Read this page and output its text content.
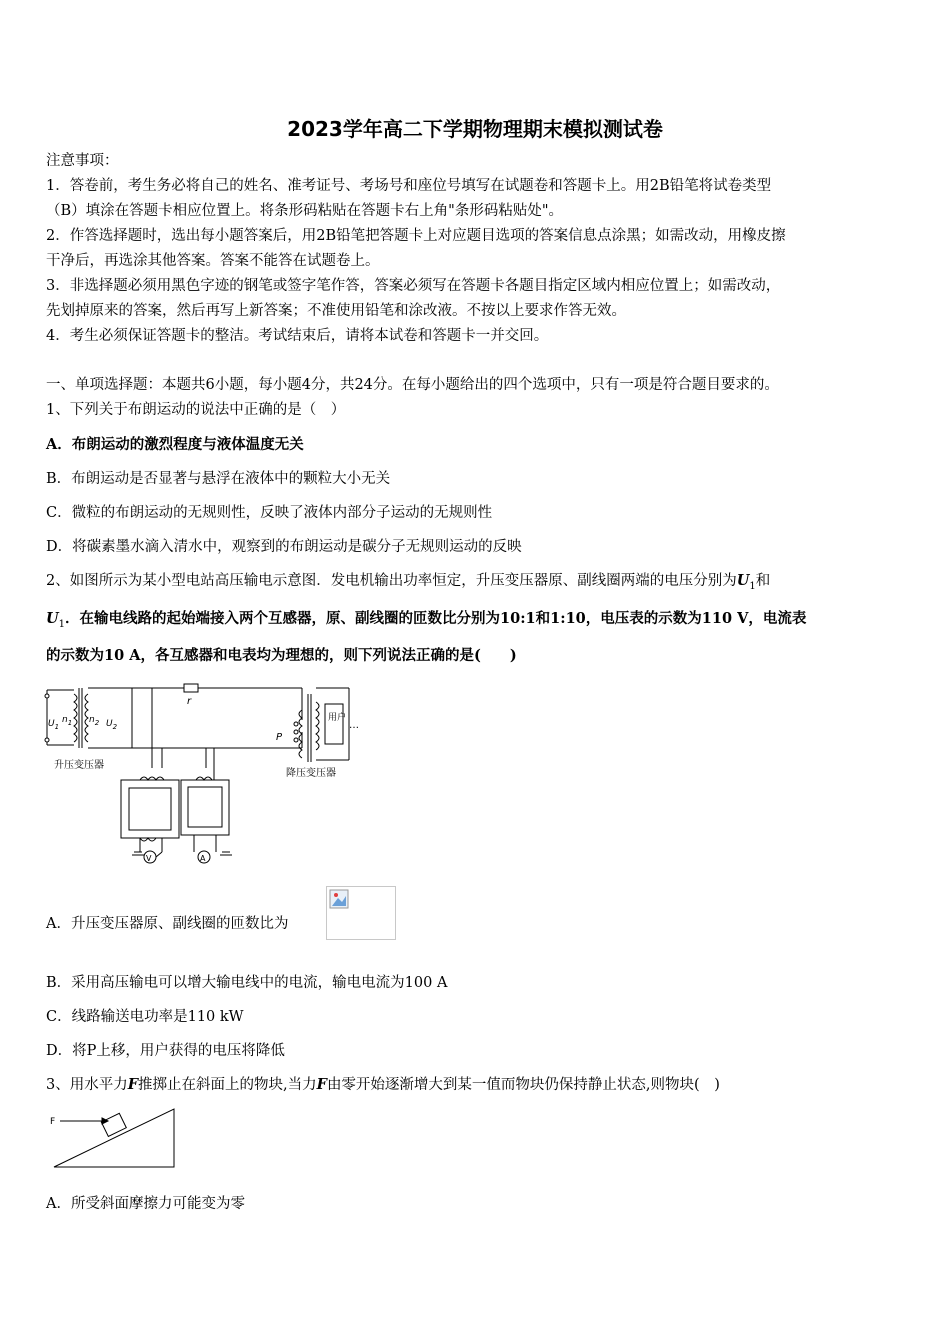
2023学年高二下学期物理期末模拟测试卷
注意事项：
1．答卷前，考生务必将自己的姓名、准考证号、考场号和座位号填写在试题卷和答题卡上。用2B铅笔将试卷类型
（B）填涂在答题卡相应位置上。将条形码粘贴在答题卡右上角"条形码粘贴处"。
2．作答选择题时，选出每小题答案后，用2B铅笔把答题卡上对应题目选项的答案信息点涂黑；如需改动，用橡皮擦
干净后，再选涂其他答案。答案不能答在试题卷上。
3．非选择题必须用黑色字迹的钢笔或签字笔作答，答案必须写在答题卡各题目指定区域内相应位置上；如需改动，
先划掉原来的答案，然后再写上新答案；不准使用铅笔和涂改液。不按以上要求作答无效。
4．考生必须保证答题卡的整洁。考试结束后，请将本试卷和答题卡一并交回。
一、单项选择题：本题共6小题，每小题4分，共24分。在每小题给出的四个选项中，只有一项是符合题目要求的。
1、下列关于布朗运动的说法中正确的是（　）
A．布朗运动的激烈程度与液体温度无关
B．布朗运动是否显著与悬浮在液体中的颗粒大小无关
C．微粒的布朗运动的无规则性，反映了液体内部分子运动的无规则性
D．将碳素墨水滴入清水中，观察到的布朗运动是碳分子无规则运动的反映
2、如图所示为某小型电站高压输电示意图．发电机输出功率恒定，升压变压器原、副线圈两端的电压分别为$U_1$和
$U_1$．在输电线路的起始端接入两个互感器，原、副线圈的匝数比分别为10:1和1:10，电压表的示数为110 V，电流表
的示数为10 A，各互感器和电表均为理想的，则下列说法正确的是(　　)
r
P
$U_1$
$n_1$ $n_2$ $U_2$
用户
…
升压变压器
降压变压器
V	A
A．升压变压器原、副线圈的匝数比为
B．采用高压输电可以增大输电线中的电流，输电电流为100 A
C．线路输送电功率是110 kW
D．将P上移，用户获得的电压将降低
3、用水平力F推掷止在斜面上的物块,当力F由零开始逐渐增大到某一值而物块仍保持静止状态,则物块(　)
F
A．所受斜面摩擦力可能变为零
